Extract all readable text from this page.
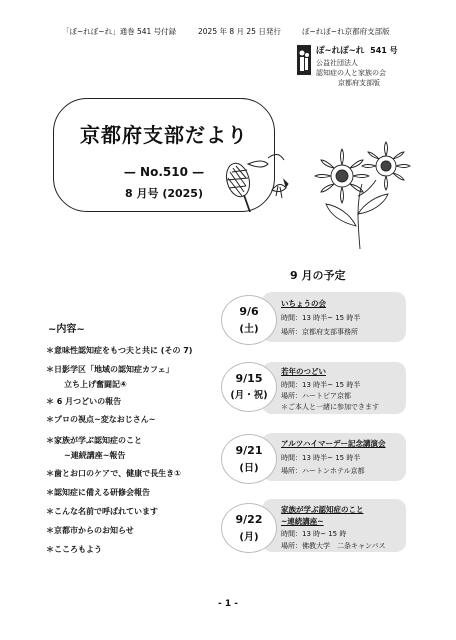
「ぼ~れぼ~れ」通巻 541 号付録	2025 年 8 月 25 日発行	ぼ~れぼ~れ京都府支部版
ぽ~れぽ~れ 541 号
公益社団法人
認知症の人と家族の会
京都府支部版
京都府支部だより
— No.510 —
8 月号 (2025)
9 月の予定
~内容~
＊意味性認知症をもつ夫と共に (その 7)
＊日影学区「地域の認知症カフェ」
立ち上げ奮闘記④
＊ 6 月つどいの報告
＊プロの視点~変なおじさん~
＊家族が学ぶ認知症のこと
~連続講座~報告
＊歯とお口のケアで、健康で長生き①
＊認知症に備える研修会報告
＊こんな名前で呼ばれています
＊京都市からのお知らせ
＊こころもよう
9/6
(土)
いちょうの会
時間：13 時半~ 15 時半
場所：京都府支部事務所
9/15
(月・祝)
若年のつどい
時間：13 時半~ 15 時半
場所：ハートピア京都
＊ご本人と一緒に参加できます
9/21
(日)
アルツハイマーデー記念講演会
時間：13 時半~ 15 時半
場所：ハートンホテル京都
9/22
(月)
家族が学ぶ認知症のこと
~連続講座~
時間：13 時~ 15 時
場所：佛教大学　二条キャンパス
- 1 -
